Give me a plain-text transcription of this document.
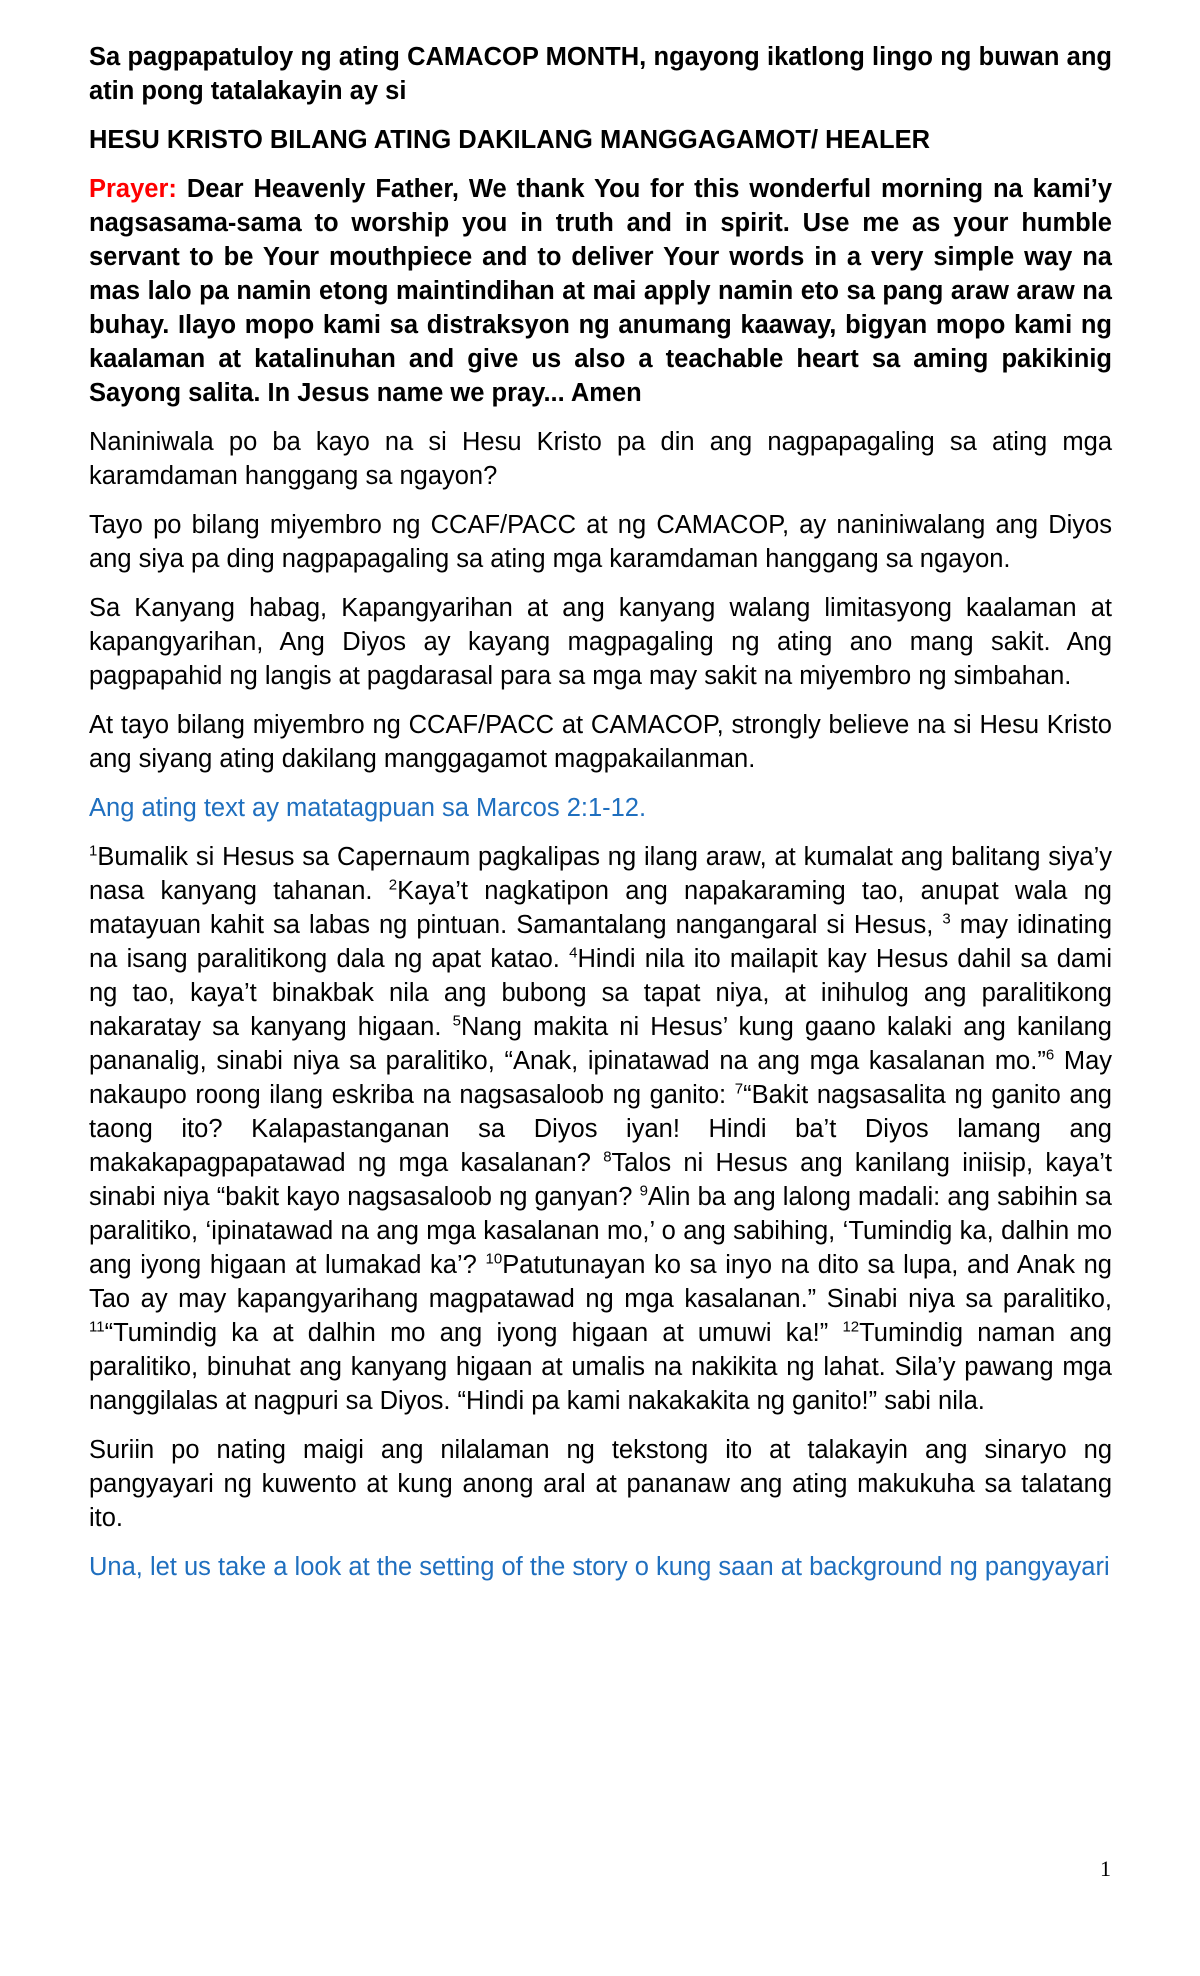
Sa pagpapatuloy ng ating CAMACOP MONTH, ngayong ikatlong lingo ng buwan ang atin pong tatalakayin ay si

HESU KRISTO BILANG ATING DAKILANG MANGGAGAMOT/ HEALER

Prayer: Dear Heavenly Father, We thank You for this wonderful morning na kami’y nagsasama-sama to worship you in truth and in spirit. Use me as your humble servant to be Your mouthpiece and to deliver Your words in a very simple way na mas lalo pa namin etong maintindihan at mai apply namin eto sa pang araw araw na buhay. Ilayo mopo kami sa distraksyon ng anumang kaaway, bigyan mopo kami ng kaalaman at katalinuhan and give us also a teachable heart sa aming pakikinig Sayong salita. In Jesus name we pray... Amen

Naniniwala po ba kayo na si Hesu Kristo pa din ang nagpapagaling sa ating mga karamdaman hanggang sa ngayon?

Tayo po bilang miyembro ng CCAF/PACC at ng CAMACOP, ay naniniwalang ang Diyos ang siya pa ding nagpapagaling sa ating mga karamdaman hanggang sa ngayon.

Sa Kanyang habag, Kapangyarihan at ang kanyang walang limitasyong kaalaman at kapangyarihan, Ang Diyos ay kayang magpagaling ng ating ano mang sakit. Ang pagpapahid ng langis at pagdarasal para sa mga may sakit na miyembro ng simbahan.

At tayo bilang miyembro ng CCAF/PACC at CAMACOP, strongly believe na si Hesu Kristo ang siyang ating dakilang manggagamot magpakailanman.

Ang ating text ay matatagpuan sa Marcos 2:1-12.

$^1$Bumalik si Hesus sa Capernaum pagkalipas ng ilang araw, at kumalat ang balitang siya’y nasa kanyang tahanan. $^2$Kaya’t nagkatipon ang napakaraming tao, anupat wala ng matayuan kahit sa labas ng pintuan. Samantalang nangangaral si Hesus, $^3$ may idinating na isang paralitikong dala ng apat katao. $^4$Hindi nila ito mailapit kay Hesus dahil sa dami ng tao, kaya’t binakbak nila ang bubong sa tapat niya, at inihulog ang paralitikong nakaratay sa kanyang higaan. $^5$Nang makita ni Hesus’ kung gaano kalaki ang kanilang pananalig, sinabi niya sa paralitiko, “Anak, ipinatawad na ang mga kasalanan mo.”$^6$ May nakaupo roong ilang eskriba na nagsasaloob ng ganito: $^7$“Bakit nagsasalita ng ganito ang taong ito? Kalapastanganan sa Diyos iyan! Hindi ba’t Diyos lamang ang makakapagpapatawad ng mga kasalanan? $^8$Talos ni Hesus ang kanilang iniisip, kaya’t sinabi niya “bakit kayo nagsasaloob ng ganyan? $^9$Alin ba ang lalong madali: ang sabihin sa paralitiko, ‘ipinatawad na ang mga kasalanan mo,’ o ang sabihing, ‘Tumindig ka, dalhin mo ang iyong higaan at lumakad ka’? $^{10}$Patutunayan ko sa inyo na dito sa lupa, and Anak ng Tao ay may kapangyarihang magpatawad ng mga kasalanan.” Sinabi niya sa paralitiko, $^{11}$“Tumindig ka at dalhin mo ang iyong higaan at umuwi ka!” $^{12}$Tumindig naman ang paralitiko, binuhat ang kanyang higaan at umalis na nakikita ng lahat. Sila’y pawang mga nanggilalas at nagpuri sa Diyos. “Hindi pa kami nakakakita ng ganito!” sabi nila.

Suriin po nating maigi ang nilalaman ng tekstong ito at talakayin ang sinaryo ng pangyayari ng kuwento at kung anong aral at pananaw ang ating makukuha sa talatang ito.

Una, let us take a look at the setting of the story o kung saan at background ng pangyayari

1
